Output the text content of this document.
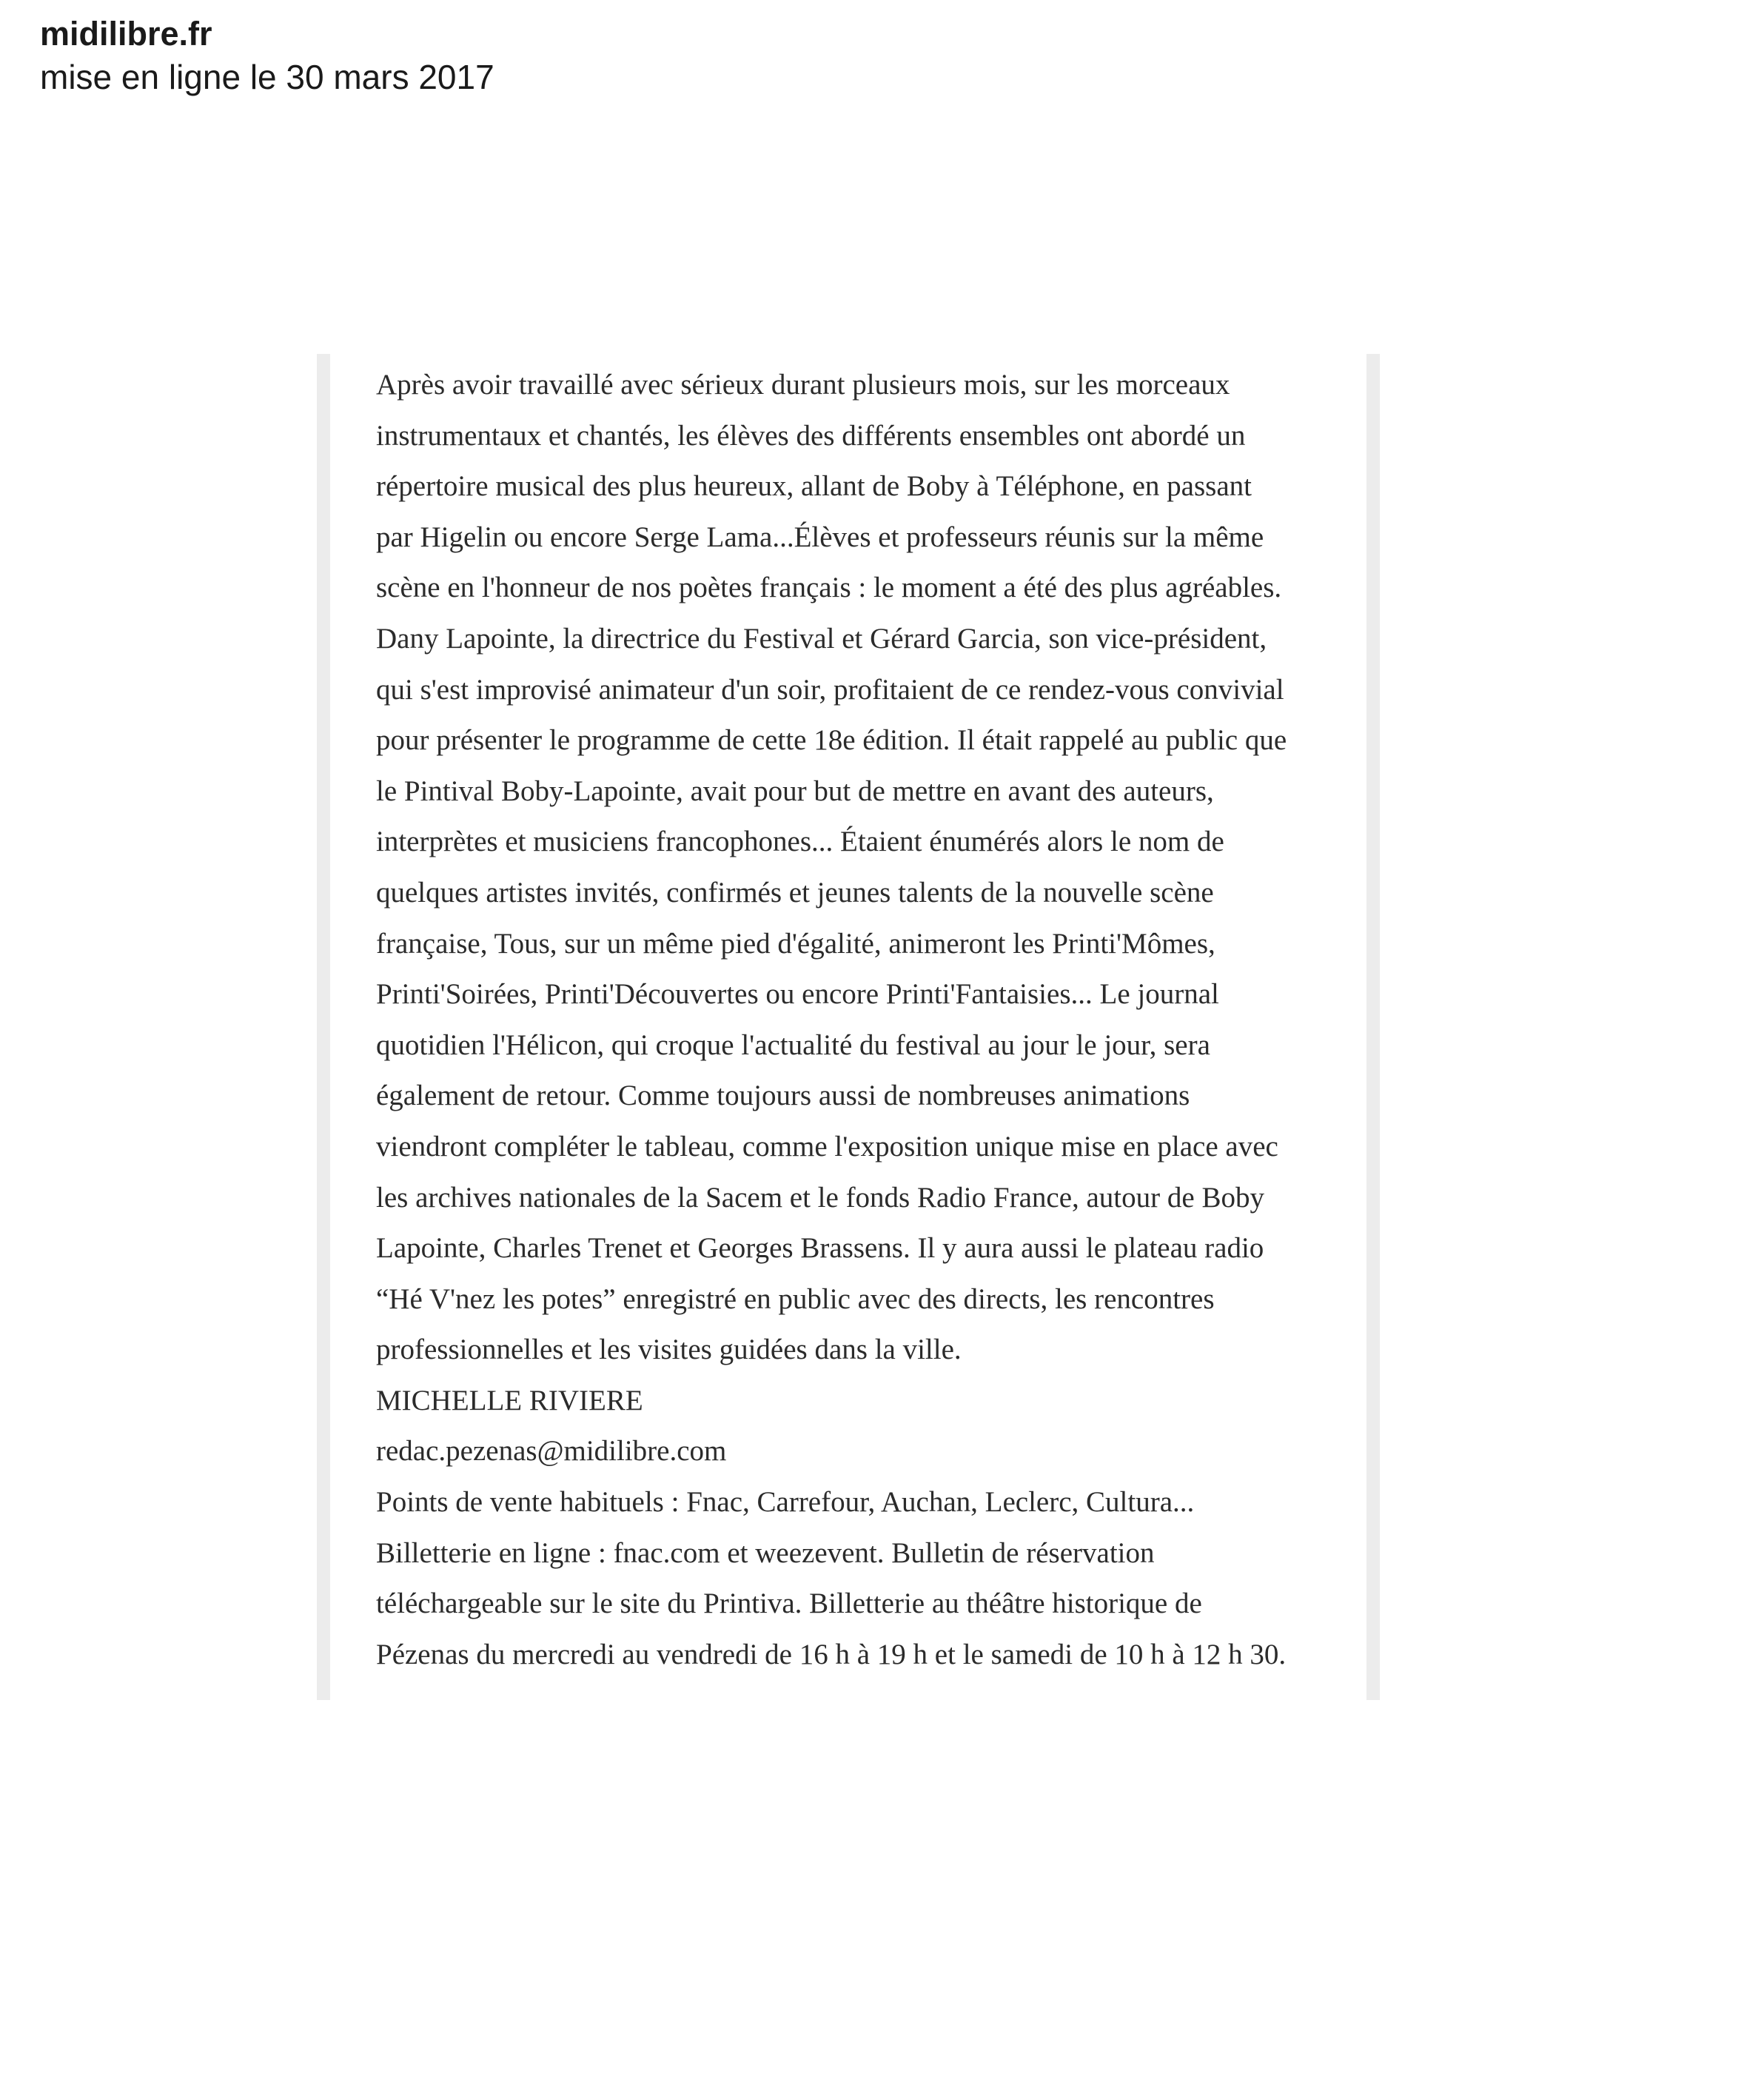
midilibre.fr
mise en ligne le 30 mars 2017

Après avoir travaillé avec sérieux durant plusieurs mois, sur les morceaux

instrumentaux et chantés, les élèves des différents ensembles ont abordé un

répertoire musical des plus heureux, allant de Boby à Téléphone, en passant

par Higelin ou encore Serge Lama...Élèves et professeurs réunis sur la même

scène en l'honneur de nos poètes français : le moment a été des plus agréables.

Dany Lapointe, la directrice du Festival et Gérard Garcia, son vice-président,

qui s'est improvisé animateur d'un soir, profitaient de ce rendez-vous convivial

pour présenter le programme de cette 18e édition. Il était rappelé au public que

le Pintival Boby-Lapointe, avait pour but de mettre en avant des auteurs,

interprètes et musiciens francophones... Étaient énumérés alors le nom de

quelques artistes invités, confirmés et jeunes talents de la nouvelle scène

française, Tous, sur un même pied d'égalité, animeront les Printi'Mômes,

Printi'Soirées, Printi'Découvertes ou encore Printi'Fantaisies... Le journal

quotidien l'Hélicon, qui croque l'actualité du festival au jour le jour, sera

également de retour. Comme toujours aussi de nombreuses animations

viendront compléter le tableau, comme l'exposition unique mise en place avec

les archives nationales de la Sacem et le fonds Radio France, autour de Boby

Lapointe, Charles Trenet et Georges Brassens. Il y aura aussi le plateau radio

“Hé V'nez les potes” enregistré en public avec des directs, les rencontres

professionnelles et les visites guidées dans la ville.

MICHELLE RIVIERE

redac.pezenas@midilibre.com

Points de vente habituels : Fnac, Carrefour, Auchan, Leclerc, Cultura...

Billetterie en ligne : fnac.com et weezevent. Bulletin de réservation

téléchargeable sur le site du Printiva. Billetterie au théâtre historique de

Pézenas du mercredi au vendredi de 16 h à 19 h et le samedi de 10 h à 12 h 30.
